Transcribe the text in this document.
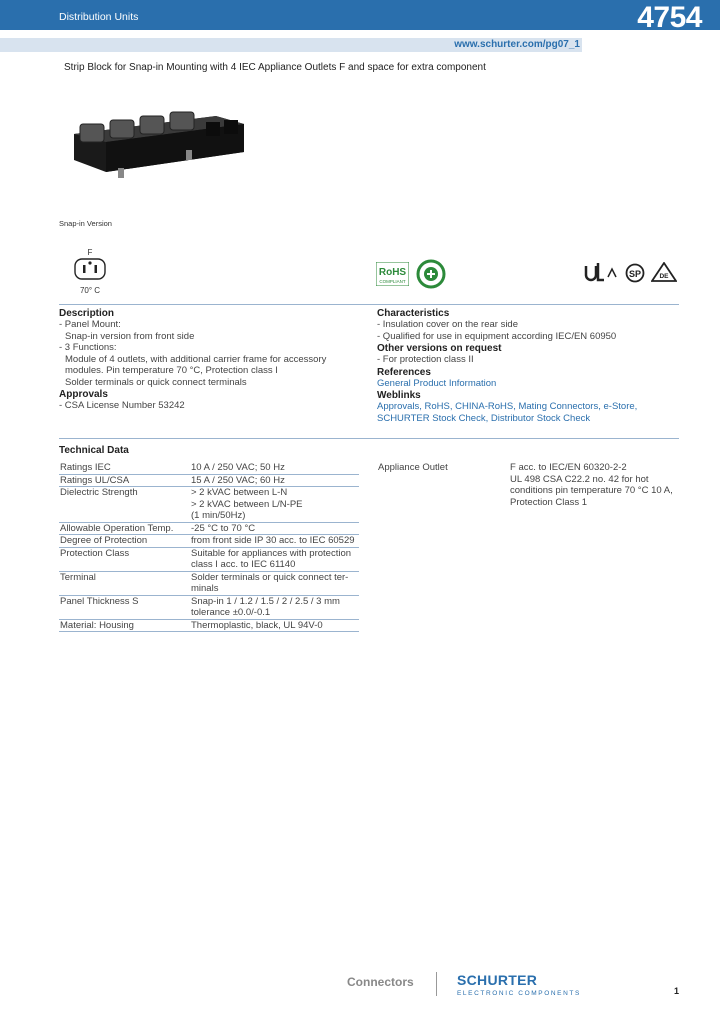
Distribution Units	4754
www.schurter.com/pg07_1
Strip Block for Snap-in Mounting with 4 IEC Appliance Outlets F and space for extra component
Snap-in Version
F
70° C
RoHS
COMPLIANT
SP	DE
Description
- Panel Mount:
Snap-in version from front side
- 3 Functions:
Module of 4 outlets, with additional carrier frame for accessory
modules. Pin temperature 70 °C, Protection class I
Solder terminals or quick connect terminals
Approvals
- CSA License Number 53242
Characteristics
- Insulation cover on the rear side
- Qualified for use in equipment according IEC/EN 60950
Other versions on request
- For protection class II
References
General Product Information
Weblinks
Approvals, RoHS, CHINA-RoHS, Mating Connectors, e-Store,
SCHURTER Stock Check, Distributor Stock Check
Technical Data
Ratings IEC	10 A / 250 VAC; 50 Hz
Ratings UL/CSA	15 A / 250 VAC; 60 Hz
Dielectric Strength	> 2 kVAC between L-N
> 2 kVAC between L/N-PE
(1 min/50Hz)
Allowable Operation Temp.	-25 °C to 70 °C
Degree of Protection	from front side IP 30 acc. to IEC 60529
Protection Class	Suitable for appliances with protection
class I acc. to IEC 61140
Terminal	Solder terminals or quick connect ter-
minals
Panel Thickness S	Snap-in 1 / 1.2 / 1.5 / 2 / 2.5 / 3 mm
tolerance ±0.0/-0.1
Material: Housing	Thermoplastic, black, UL 94V-0
Appliance Outlet	F acc. to IEC/EN 60320-2-2
UL 498 CSA C22.2 no. 42 for hot
conditions pin temperature 70 °C 10 A,
Protection Class 1
Connectors	SCHURTER
ELECTRONIC COMPONENTS	1
